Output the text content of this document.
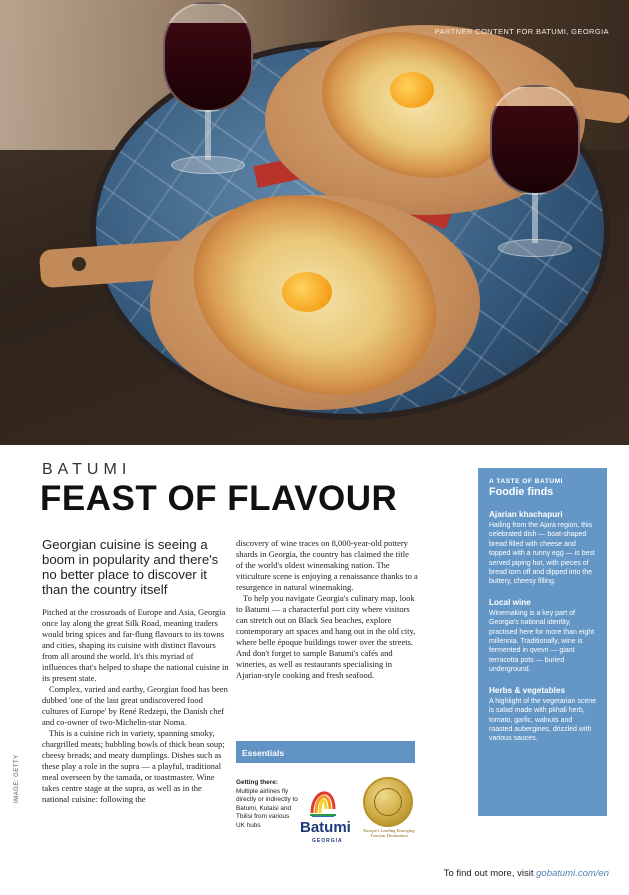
PARTNER CONTENT FOR BATUMI, GEORGIA
BATUMI
FEAST OF FLAVOUR
Georgian cuisine is seeing a boom in popularity and there's no better place to discover it than the country itself

Pitched at the crossroads of Europe and Asia, Georgia once lay along the great Silk Road, meaning traders would bring spices and far-flung flavours to its towns and cities, shaping its cuisine with distinct flavours from all around the world. It's this myriad of influences that's helped to shape the national cuisine in its present state.

Complex, varied and earthy, Georgian food has been dubbed 'one of the last great undiscovered food cultures of Europe' by René Redzepi, the Danish chef and co-owner of two-Michelin-star Noma.

This is a cuisine rich in variety, spanning smoky, chargrilled meats; bubbling bowls of thick bean soup; cheesy breads; and meaty dumplings. Dishes such as these play a role in the supra — a playful, traditional meal overseen by the tamada, or toastmaster. Wine takes centre stage at the supra, as well as in the national cuisine: following the

discovery of wine traces on 8,000-year-old pottery shards in Georgia, the country has claimed the title of the world's oldest winemaking nation. The viticulture scene is enjoying a renaissance thanks to a resurgence in natural winemaking.

To help you navigate Georgia's culinary map, look to Batumi — a characterful port city where visitors can stretch out on Black Sea beaches, explore contemporary art spaces and hang out in the old city, where belle époque buildings tower over the streets. And don't forget to sample Batumi's cafés and wineries, as well as restaurants specialising in Ajarian-style cooking and fresh seafood.

Essentials
Getting there:
Multiple airlines fly directly or indirectly to Batumi, Kutaisi and Tbilisi from various UK hubs	Batumi
GEORGIA
Europe's Leading Emerging Tourism Destination
A TASTE OF BATUMI
Foodie finds
Ajarian khachapuri
Hailing from the Ajara region, this celebrated dish — boat-shaped bread filled with cheese and topped with a runny egg — is best served piping hot, with pieces of bread torn off and dipped into the buttery, cheesy filling.
Local wine
Winemaking is a key part of Georgia's national identity, practised here for more than eight millennia. Traditionally, wine is fermented in qvevri — giant terracotta pots — buried underground.
Herbs & vegetables
A highlight of the vegetarian scene is salad made with pkhali herb, tomato, garlic, walnuts and roasted aubergines, drizzled with various sauces.
IMAGE: GETTY
To find out more, visit gobatumi.com/en
